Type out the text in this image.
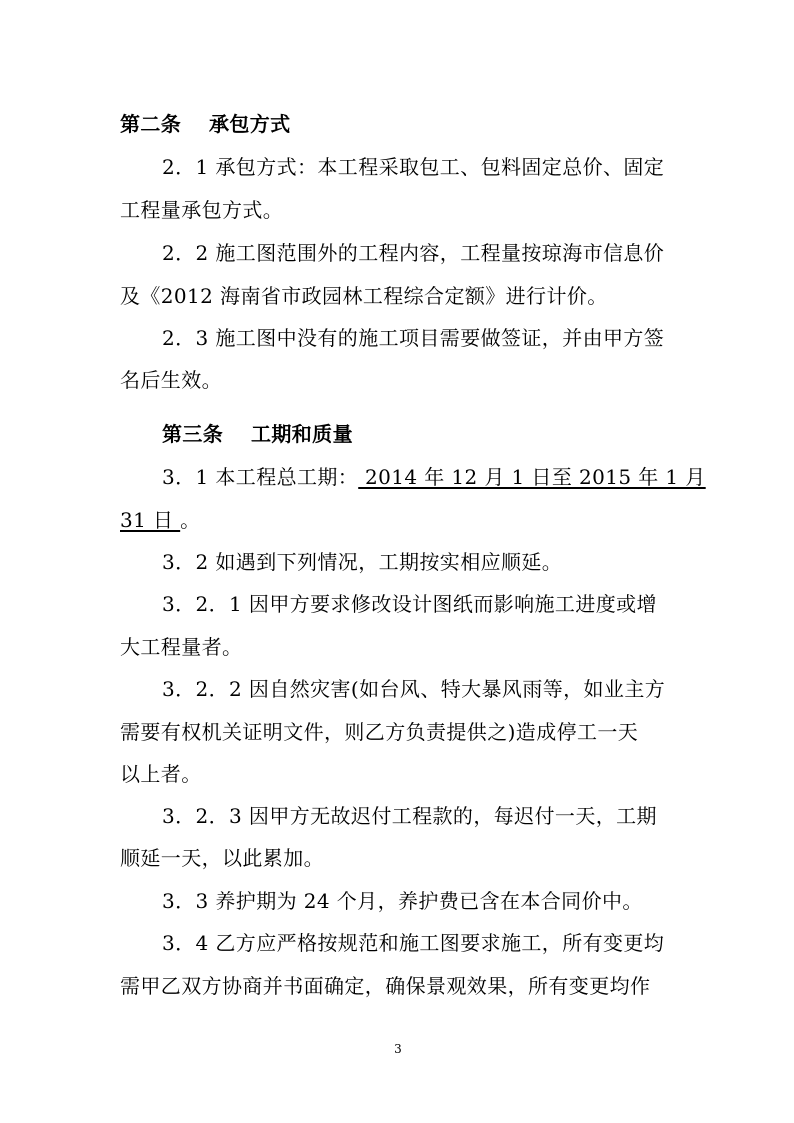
第二条　 承包方式
2．1 承包方式：本工程采取包工、包料固定总价、固定
工程量承包方式。
2．2 施工图范围外的工程内容，工程量按琼海市信息价
及《2012 海南省市政园林工程综合定额》进行计价。
2．3 施工图中没有的施工项目需要做签证，并由甲方签
名后生效。
第三条　 工期和质量
3．1 本工程总工期： 2014 年 12 月 1 日至 2015 年 1 月
31 日 。
3．2 如遇到下列情况，工期按实相应顺延。
3．2．1 因甲方要求修改设计图纸而影响施工进度或增
大工程量者。
3．2．2 因自然灾害(如台风、特大暴风雨等，如业主方
需要有权机关证明文件，则乙方负责提供之)造成停工一天
以上者。
3．2．3 因甲方无故迟付工程款的，每迟付一天，工期
顺延一天，以此累加。
3．3 养护期为 24 个月，养护费已含在本合同价中。
3．4 乙方应严格按规范和施工图要求施工，所有变更均
需甲乙双方协商并书面确定，确保景观效果，所有变更均作
3
